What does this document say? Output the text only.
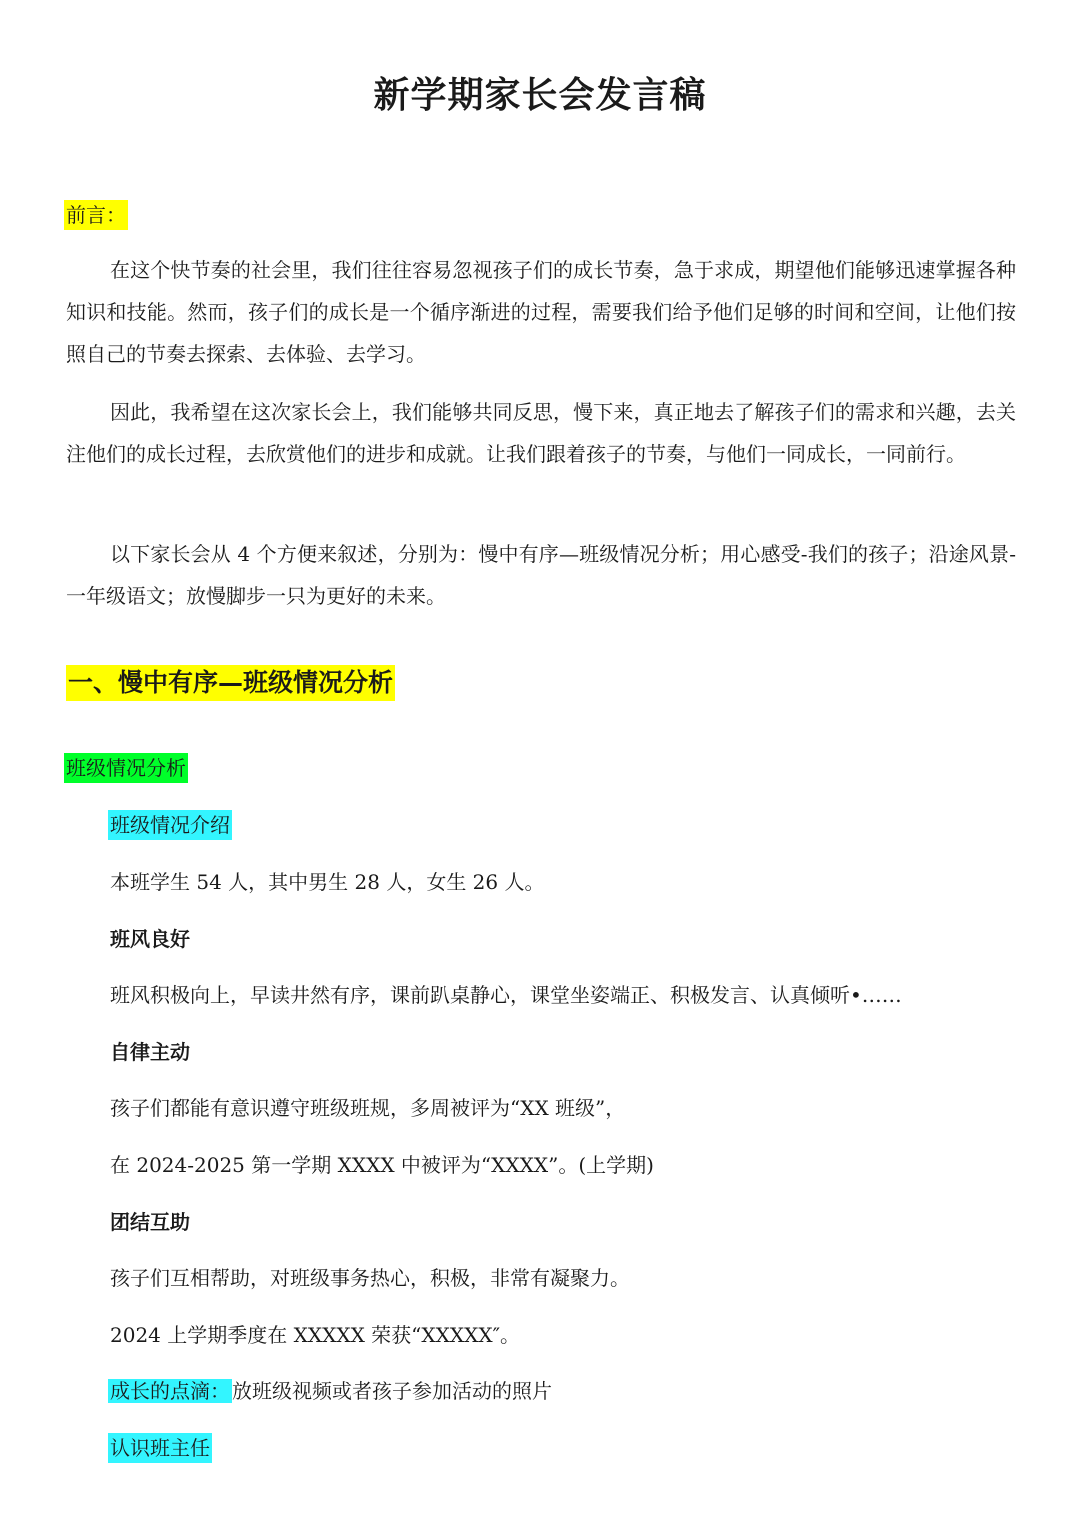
新学期家长会发言稿
前言：

在这个快节奏的社会里，我们往往容易忽视孩子们的成长节奏，急于求成，期望他们能够迅速掌握各种知识和技能。然而，孩子们的成长是一个循序渐进的过程，需要我们给予他们足够的时间和空间，让他们按照自己的节奏去探索、去体验、去学习。

因此，我希望在这次家长会上，我们能够共同反思，慢下来，真正地去了解孩子们的需求和兴趣，去关注他们的成长过程，去欣赏他们的进步和成就。让我们跟着孩子的节奏，与他们一同成长，一同前行。

以下家长会从 4 个方便来叙述，分别为：慢中有序—班级情况分析；用心感受-我们的孩子；沿途风景-一年级语文；放慢脚步一只为更好的未来。

一、慢中有序—班级情况分析
班级情况分析
班级情况介绍
本班学生 54 人，其中男生 28 人，女生 26 人。
班风良好
班风积极向上，早读井然有序，课前趴桌静心，课堂坐姿端正、积极发言、认真倾听•……
自律主动
孩子们都能有意识遵守班级班规，多周被评为“XX 班级”，
在 2024-2025 第一学期 XXXX 中被评为“XXXX”。(上学期)
团结互助
孩子们互相帮助，对班级事务热心，积极，非常有凝聚力。
2024 上学期季度在 XXXXX 荣获“XXXXX″。
成长的点滴： 放班级视频或者孩子参加活动的照片
认识班主任
